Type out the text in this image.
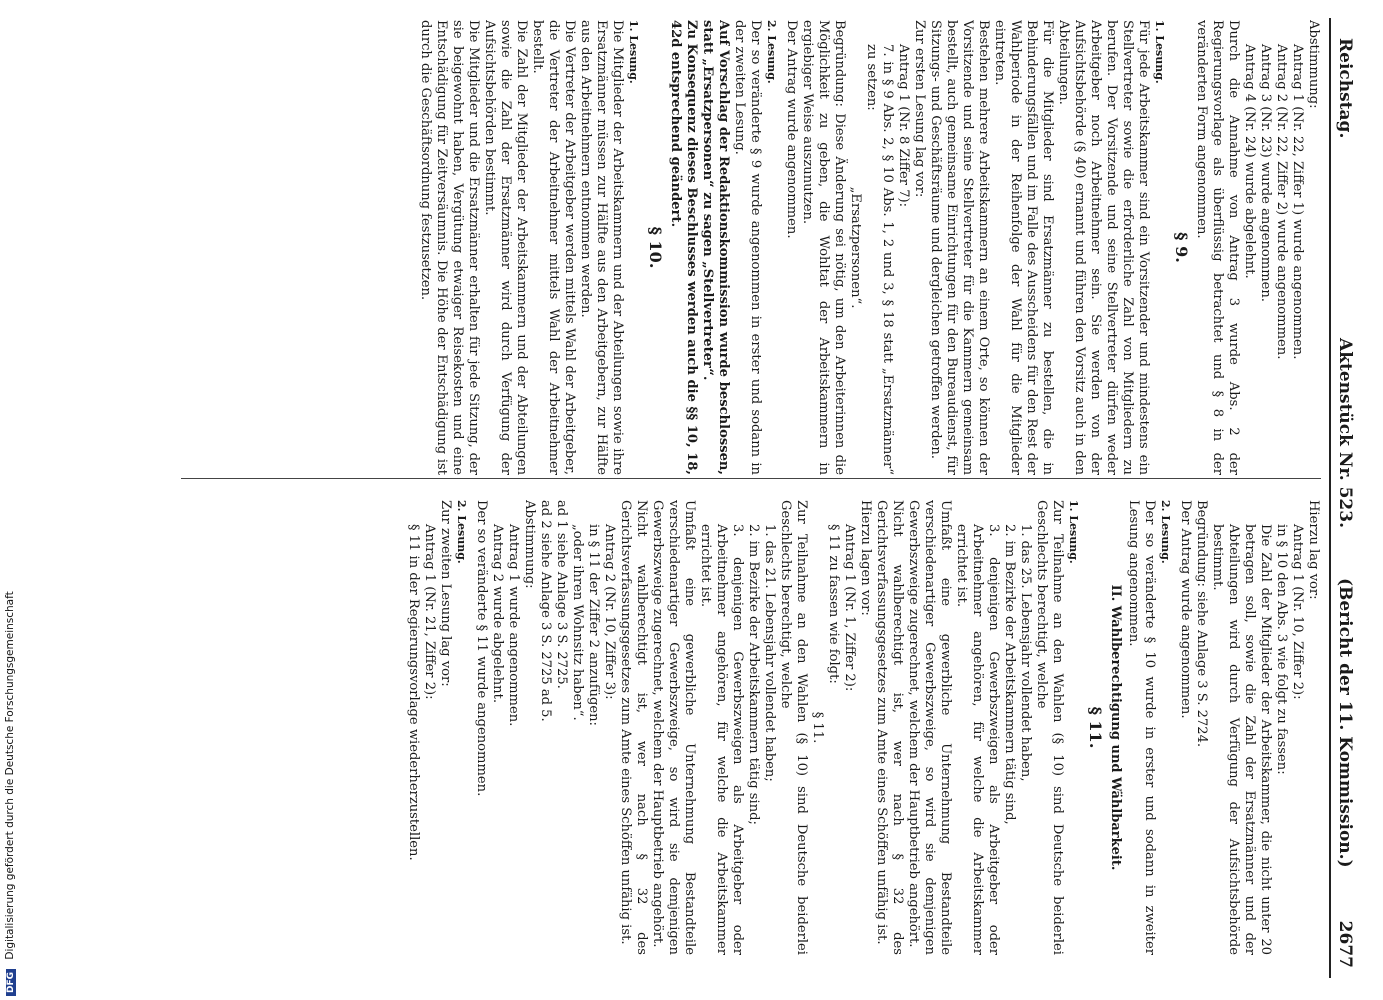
Reichstag.
Aktenstück Nr. 523.
(Bericht der 11. Kommission.)
2677

Abstimmung:

Antrag 1 (Nr. 22, Ziffer 1) wurde angenommen.

Antrag 2 (Nr. 22, Ziffer 2) wurde angenommen.

Antrag 3 (Nr. 23) wurde angenommen.

Antrag 4 (Nr. 24) wurde abgelehnt.

Durch die Annahme von Antrag 3 wurde Abs. 2 der Regierungsvorlage als überflüssig betrachtet und § 8 in der veränderten Form angenommen.

§ 9.

1. Lesung.

Für jede Arbeitskammer sind ein Vorsitzender und mindestens ein Stellvertreter sowie die erforderliche Zahl von Mitgliedern zu berufen. Der Vorsitzende und seine Stellvertreter dürfen weder Arbeitgeber noch Arbeitnehmer sein. Sie werden von der Aufsichtsbehörde (§ 40) ernannt und führen den Vorsitz auch in den Abteilungen.

Für die Mitglieder sind Ersatzmänner zu bestellen, die in Behinderungsfällen und im Falle des Ausscheidens für den Rest der Wahlperiode in der Reihenfolge der Wahl für die Mitglieder eintreten.

Bestehen mehrere Arbeitskammern an einem Orte, so können der Vorsitzende und seine Stellvertreter für die Kammern gemeinsam bestellt, auch gemeinsame Einrichtungen für den Bureaudienst, für Sitzungs- und Geschäftsräume und dergleichen getroffen werden.

Zur ersten Lesung lag vor:

Antrag 1 (Nr. 8 Ziffer 7):

7. in § 9 Abs. 2, § 10 Abs. 1, 2 und 3, § 18 statt „Ersatzmänner“ zu setzen:

„Ersatzpersonen“.

Begründung: Diese Änderung sei nötig, um den Arbeiterinnen die Möglichkeit zu geben, die Wohltat der Arbeitskammern in ergiebiger Weise auszunutzen.

Der Antrag wurde angenommen.

2. Lesung.

Der so veränderte § 9 wurde angenommen in erster und sodann in der zweiten Lesung.

Auf Vorschlag der Redaktionskommission wurde beschlossen, statt „Ersatzpersonen“ zu sagen „Stellvertreter“.

Zu Konsequenz dieses Beschlusses werden auch die §§ 10, 18, 42d entsprechend geändert.

§ 10.

1. Lesung.

Die Mitglieder der Arbeitskammern und der Abteilungen sowie ihre Ersatzmänner müssen zur Hälfte aus den Arbeitgebern, zur Hälfte aus den Arbeitnehmern entnommen werden.

Die Vertreter der Arbeitgeber werden mittels Wahl der Arbeitgeber, die Vertreter der Arbeitnehmer mittels Wahl der Arbeitnehmer bestellt.

Die Zahl der Mitglieder der Arbeitskammern und der Abteilungen sowie die Zahl der Ersatzmänner wird durch Verfügung der Aufsichtsbehörden bestimmt.

Die Mitglieder und die Ersatzmänner erhalten für jede Sitzung, der sie beigewohnt haben, Vergütung etwaiger Reisekosten und eine Entschädigung für Zeitversäumnis. Die Höhe der Entschädigung ist durch die Geschäftsordnung festzusetzen.

Hierzu lag vor:

Antrag 1 (Nr. 10, Ziffer 2):

in § 10 den Abs. 3 wie folgt zu fassen:

Die Zahl der Mitglieder der Arbeitskammer, die nicht unter 20 betragen soll, sowie die Zahl der Ersatzmänner und der Abteilungen wird durch Verfügung der Aufsichtsbehörde bestimmt.

Begründung: siehe Anlage 3 S. 2724.

Der Antrag wurde angenommen.

2. Lesung.

Der so veränderte § 10 wurde in erster und sodann in zweiter Lesung angenommen.

II. Wahlberechtigung und Wählbarkeit.

§ 11.

1. Lesung.

Zur Teilnahme an den Wahlen (§ 10) sind Deutsche beiderlei Geschlechts berechtigt, welche

1. das 25. Lebensjahr vollendet haben,

2. im Bezirke der Arbeitskammern tätig sind,

3. denjenigen Gewerbszweigen als Arbeitgeber oder Arbeitnehmer angehören, für welche die Arbeitskammer errichtet ist.

Umfaßt eine gewerbliche Unternehmung Bestandteile verschiedenartiger Gewerbszweige, so wird sie demjenigen Gewerbszweige zugerechnet, welchem der Hauptbetrieb angehört.

Nicht wahlberechtigt ist, wer nach § 32 des Gerichtsverfassungsgesetzes zum Amte eines Schöffen unfähig ist.

Hierzu lagen vor:

Antrag 1 (Nr. 1, Ziffer 2):

§ 11 zu fassen wie folgt:

§ 11.

Zur Teilnahme an den Wahlen (§ 10) sind Deutsche beiderlei Geschlechts berechtigt, welche

1. das 21. Lebensjahr vollendet haben;

2. im Bezirke der Arbeitskammern tätig sind;

3. denjenigen Gewerbszweigen als Arbeitgeber oder Arbeitnehmer angehören, für welche die Arbeitskammer errichtet ist.

Umfaßt eine gewerbliche Unternehmung Bestandteile verschiedenartiger Gewerbszweige, so wird sie demjenigen Gewerbszweige zugerechnet, welchem der Hauptbetrieb angehört.

Nicht wahlberechtigt ist, wer nach § 32 des Gerichtsverfassungsgesetzes zum Amte eines Schöffen unfähig ist.

Antrag 2 (Nr. 10, Ziffer 3):

in § 11 der Ziffer 2 anzufügen:

„oder ihren Wohnsitz haben“.

ad 1 siehe Anlage 3 S. 2725.

ad 2 siehe Anlage 3 S. 2725 ad 5.

Abstimmung:

Antrag 1 wurde angenommen.

Antrag 2 wurde abgelehnt.

Der so veränderte § 11 wurde angenommen.

2. Lesung.

Zur zweiten Lesung lag vor:

Antrag 1 (Nr. 21, Ziffer 2):

§ 11 in der Regierungsvorlage wiederherzustellen.

DFG Digitalisierung gefördert durch die Deutsche Forschungsgemeinschaft
